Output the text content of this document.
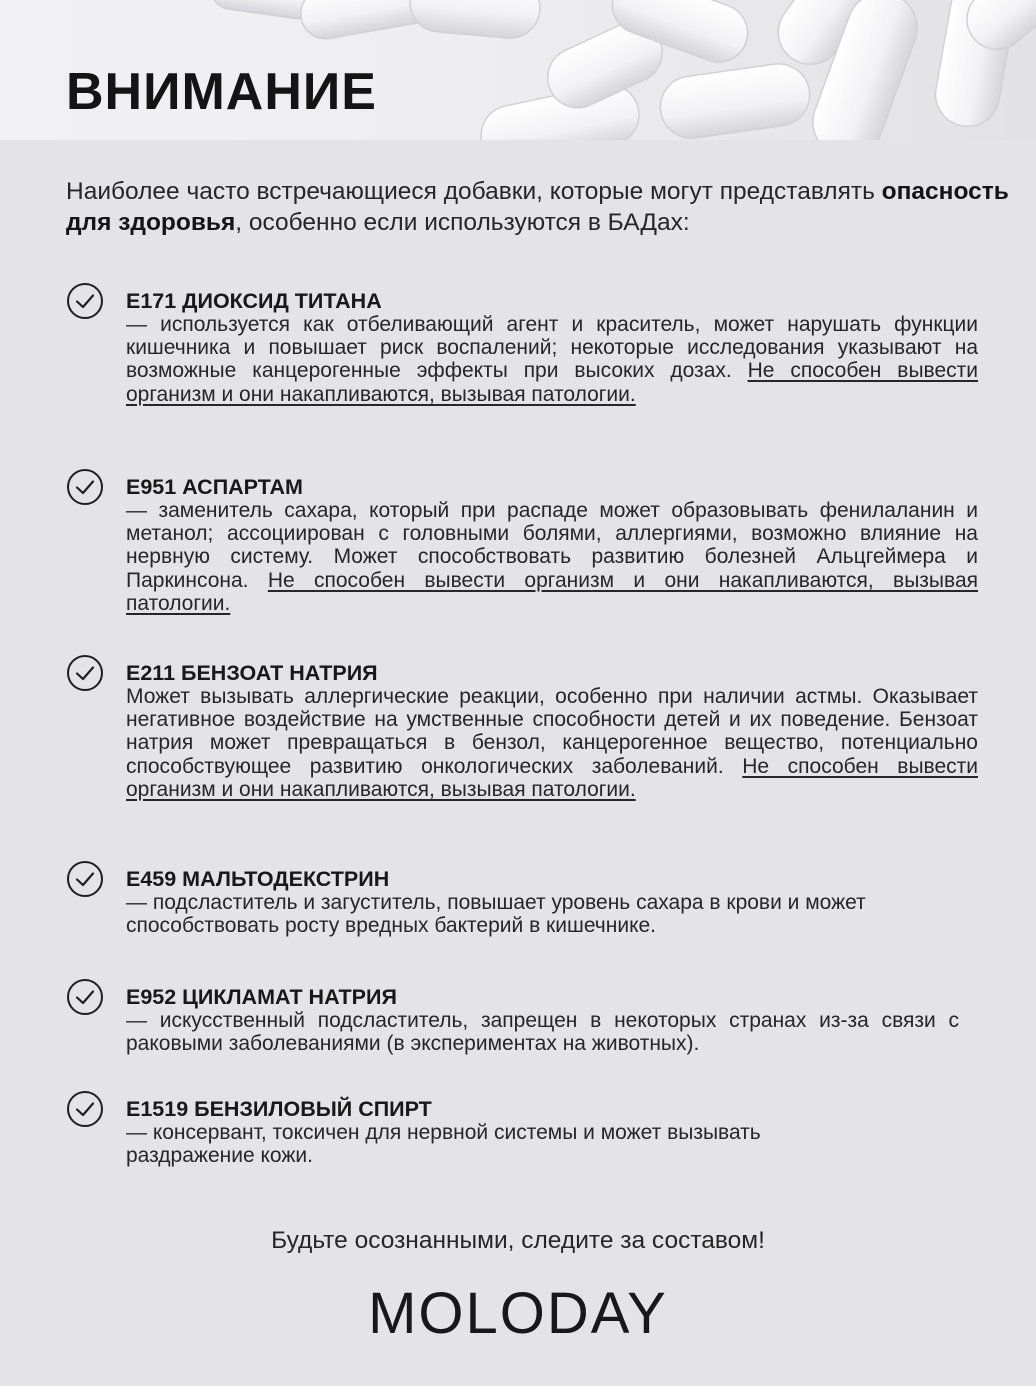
ВНИМАНИЕ
Наиболее часто встречающиеся добавки, которые могут представлять опасность для здоровья, особенно если используются в БАДах:
Е171 ДИОКСИД ТИТАНА
— используется как отбеливающий агент и краситель, может нарушать функции кишечника и повышает риск воспалений; некоторые исследования указывают на возможные канцерогенные эффекты при высоких дозах. Не способен вывести организм и они накапливаются, вызывая патологии.
Е951 АСПАРТАМ
— заменитель сахара, который при распаде может образовывать фенилаланин и метанол; ассоциирован с головными болями, аллергиями, возможно влияние на нервную систему. Может способствовать развитию болезней Альцгеймера и Паркинсона. Не способен вывести организм и они накапливаются, вызывая патологии.
Е211 БЕНЗОАТ НАТРИЯ
Может вызывать аллергические реакции, особенно при наличии астмы. Оказывает негативное воздействие на умственные способности детей и их поведение. Бензоат натрия может превращаться в бензол, канцерогенное вещество, потенциально способствующее развитию онкологических заболеваний. Не способен вывести организм и они накапливаются, вызывая патологии.
Е459 МАЛЬТОДЕКСТРИН
— подсластитель и загуститель, повышает уровень сахара в крови и может способствовать росту вредных бактерий в кишечнике.
Е952 ЦИКЛАМАТ НАТРИЯ
— искусственный подсластитель, запрещен в некоторых странах из-за связи с раковыми заболеваниями (в экспериментах на животных).
Е1519 БЕНЗИЛОВЫЙ СПИРТ
— консервант, токсичен для нервной системы и может вызывать раздражение кожи.
Будьте осознанными, следите за составом!
MOLODAY
